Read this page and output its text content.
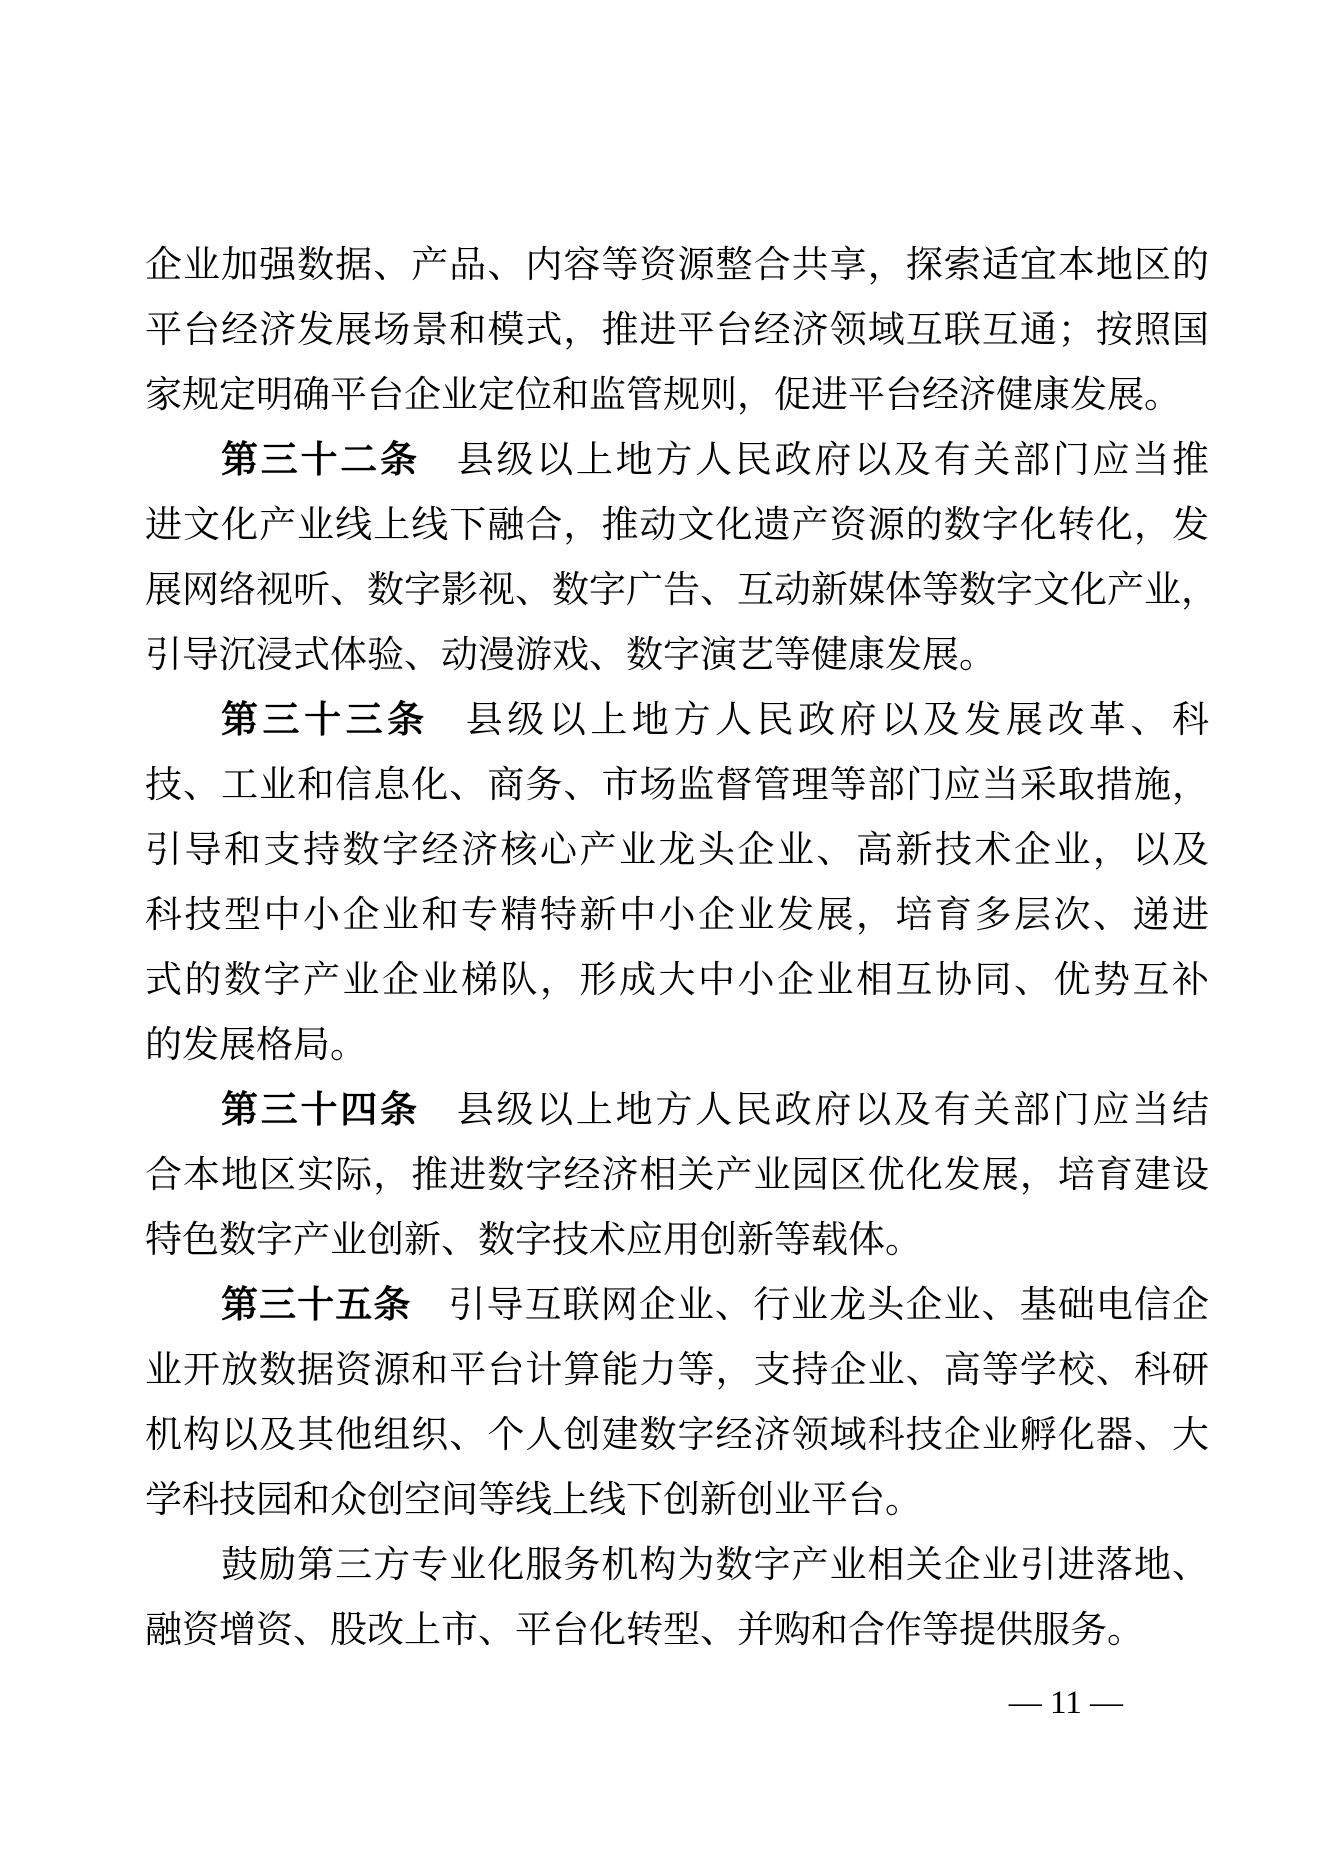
企业加强数据、产品、内容等资源整合共享，探索适宜本地区的
平台经济发展场景和模式，推进平台经济领域互联互通；按照国
家规定明确平台企业定位和监管规则，促进平台经济健康发展。
第三十二条 县级以上地方人民政府以及有关部门应当推
进文化产业线上线下融合，推动文化遗产资源的数字化转化，发
展网络视听、数字影视、数字广告、互动新媒体等数字文化产业，
引导沉浸式体验、动漫游戏、数字演艺等健康发展。
第三十三条 县级以上地方人民政府以及发展改革、科
技、工业和信息化、商务、市场监督管理等部门应当采取措施，
引导和支持数字经济核心产业龙头企业、高新技术企业，以及
科技型中小企业和专精特新中小企业发展，培育多层次、递进
式的数字产业企业梯队，形成大中小企业相互协同、优势互补
的发展格局。
第三十四条 县级以上地方人民政府以及有关部门应当结
合本地区实际，推进数字经济相关产业园区优化发展，培育建设
特色数字产业创新、数字技术应用创新等载体。
第三十五条 引导互联网企业、行业龙头企业、基础电信企
业开放数据资源和平台计算能力等，支持企业、高等学校、科研
机构以及其他组织、个人创建数字经济领域科技企业孵化器、大
学科技园和众创空间等线上线下创新创业平台。
鼓励第三方专业化服务机构为数字产业相关企业引进落地、
融资增资、股改上市、平台化转型、并购和合作等提供服务。
— 11 —
